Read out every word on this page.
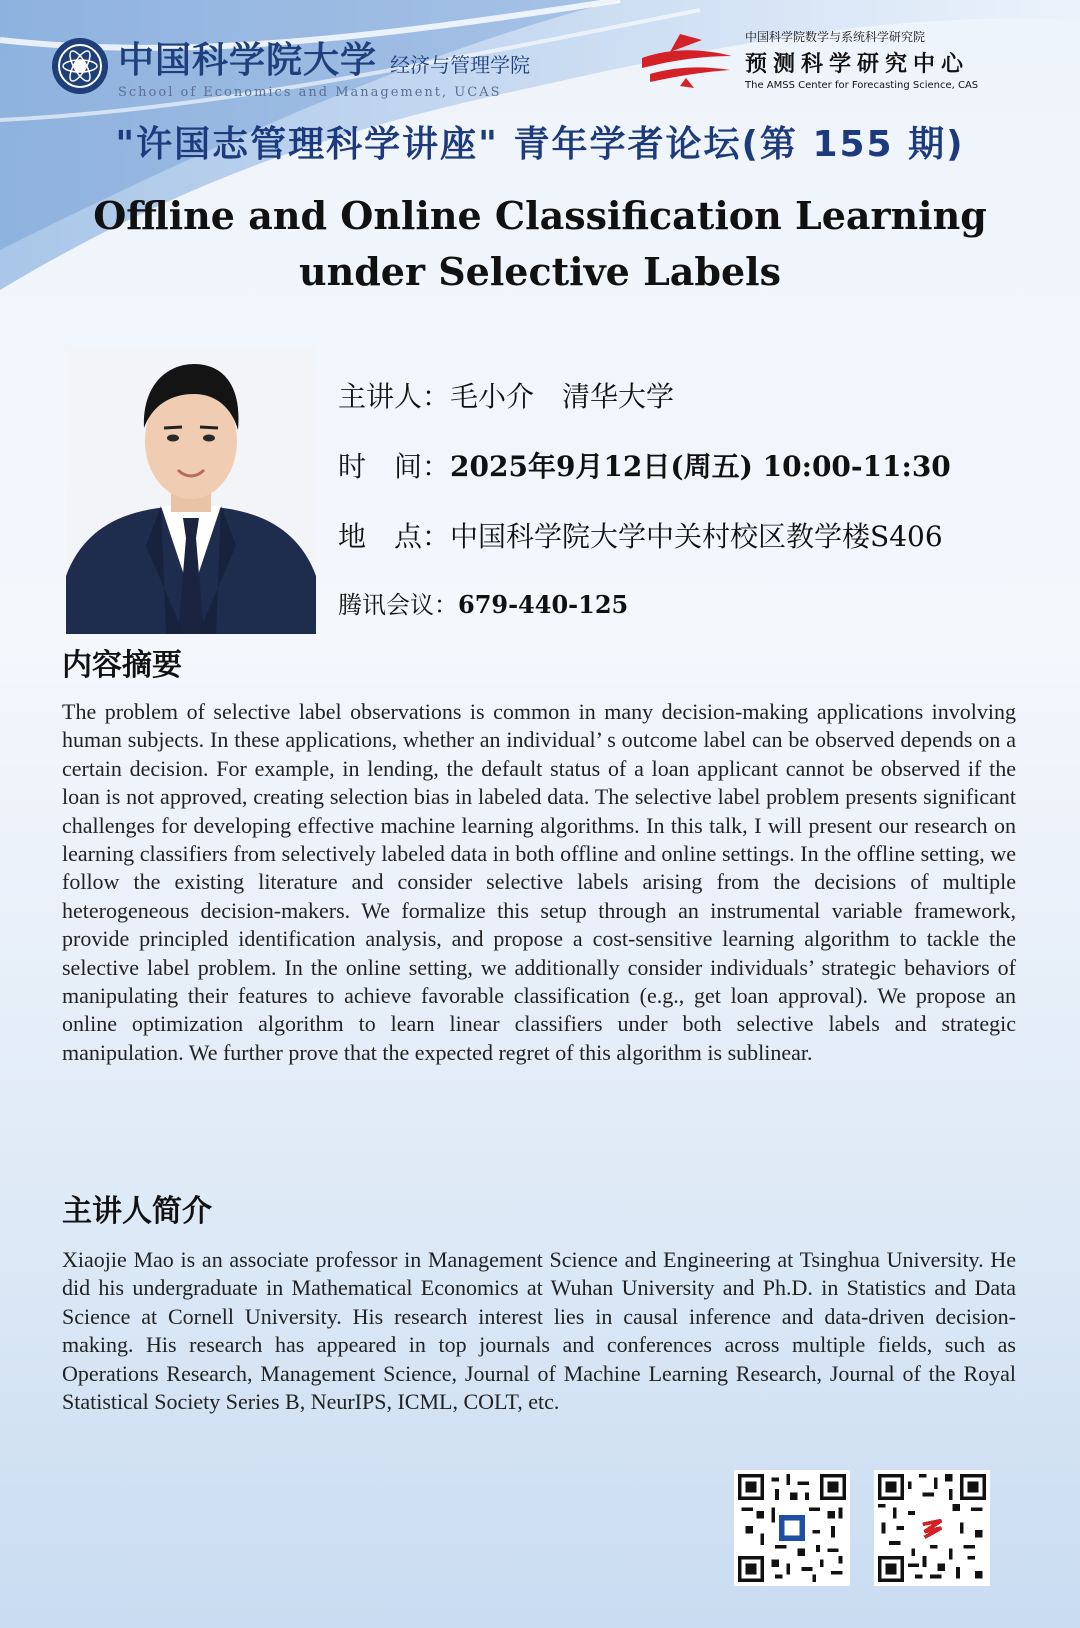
中国科学院大学 经济与管理学院
School of Economics and Management, UCAS
中国科学院数学与系统科学研究院
预测科学研究中心
The AMSS Center for Forecasting Science, CAS
"许国志管理科学讲座" 青年学者论坛(第 155 期)
Offline and Online Classification Learning under Selective Labels
主讲人： 毛小介 清华大学
时　间： 2025年9月12日(周五) 10:00-11:30
地　点： 中国科学院大学中关村校区教学楼S406
腾讯会议： 679-440-125
内容摘要
The problem of selective label observations is common in many decision-making applications involving human subjects. In these applications, whether an individual’ s outcome label can be observed depends on a certain decision. For example, in lending, the default status of a loan applicant cannot be observed if the loan is not approved, creating selection bias in labeled data. The selective label problem presents significant challenges for developing effective machine learning algorithms. In this talk, I will present our research on learning classifiers from selectively labeled data in both offline and online settings. In the offline setting, we follow the existing literature and consider selective labels arising from the decisions of multiple heterogeneous decision-makers. We formalize this setup through an instrumental variable framework, provide principled identification analysis, and propose a cost-sensitive learning algorithm to tackle the selective label problem. In the online setting, we additionally consider individuals’ strategic behaviors of manipulating their features to achieve favorable classification (e.g., get loan approval). We propose an online optimization algorithm to learn linear classifiers under both selective labels and strategic manipulation. We further prove that the expected regret of this algorithm is sublinear.
主讲人简介
Xiaojie Mao is an associate professor in Management Science and Engineering at Tsinghua University. He did his undergraduate in Mathematical Economics at Wuhan University and Ph.D. in Statistics and Data Science at Cornell University. His research interest lies in causal inference and data-driven decision-making. His research has appeared in top journals and conferences across multiple fields, such as Operations Research, Management Science, Journal of Machine Learning Research, Journal of the Royal Statistical Society Series B, NeurIPS, ICML, COLT, etc.
